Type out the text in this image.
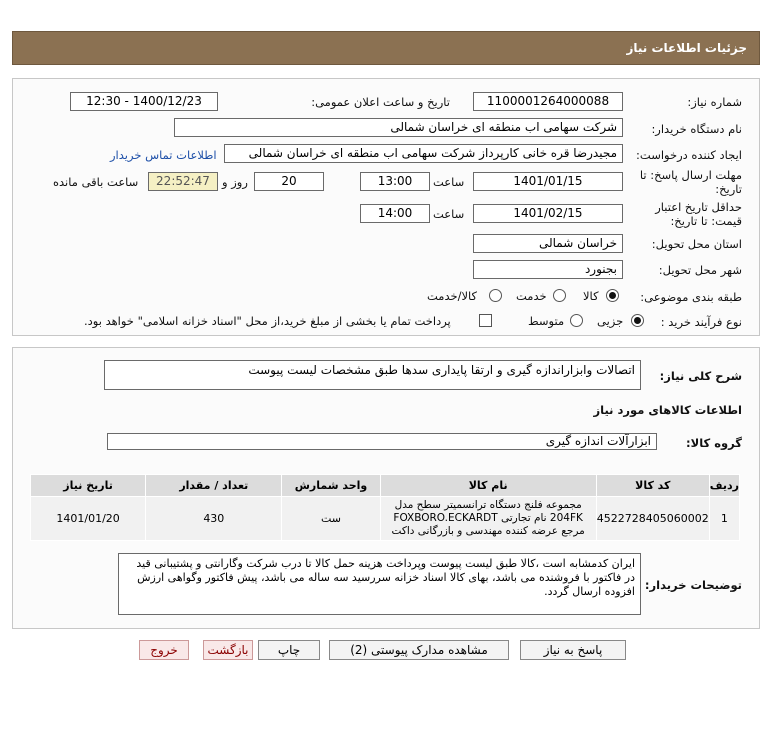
جزئیات اطلاعات نیاز
شماره نیاز:
1100001264000088
تاریخ و ساعت اعلان عمومی:
1400/12/23 - 12:30
نام دستگاه خریدار:
شرکت سهامی اب منطقه ای خراسان شمالی
ایجاد کننده درخواست:
مجیدرضا قره خانی کارپرداز شرکت سهامی اب منطقه ای خراسان شمالی
اطلاعات تماس خریدار
مهلت ارسال پاسخ: تا
تاریخ:
1401/01/15
ساعت
13:00
20
روز و
22:52:47
ساعت باقی مانده
حداقل تاریخ اعتبار
قیمت: تا تاریخ:
1401/02/15
ساعت
14:00
استان محل تحویل:
خراسان شمالی
شهر محل تحویل:
بجنورد
طبقه بندی موضوعی:
کالا
خدمت
کالا/خدمت
نوع فرآیند خرید :
جزیی
متوسط
پرداخت تمام یا بخشی از مبلغ خرید،از محل "اسناد خزانه اسلامی" خواهد بود.
شرح کلی نیاز:
اتصالات وابزاراندازه گیری و ارتقا پایداری سدها طبق مشخصات لیست پیوست
اطلاعات کالاهای مورد نیاز
گروه کالا:
ابزارآلات اندازه گیری
ردیف	کد کالا	نام کالا	واحد شمارش	تعداد / مقدار	تاریخ نیاز
1	4522728405060002	مجموعه فلنج دستگاه ترانسمیتر سطح مدل 204FK نام تجارتی FOXBORO.ECKARDT مرجع عرضه کننده مهندسی و بازرگانی داکت	ست	430	1401/01/20
توضیحات خریدار:
ایران کدمشابه است ،کالا طبق لیست پیوست وپرداخت هزینه حمل کالا تا درب شرکت وگارانتی و پشتیبانی قید در فاکتور با فروشنده می باشد، بهای کالا اسناد خزانه سررسید سه ساله می باشد، پیش فاکتور وگواهی ارزش افزوده ارسال گردد.
پاسخ به نیاز
مشاهده مدارک پیوستی (2)
چاپ
بازگشت
خروج
